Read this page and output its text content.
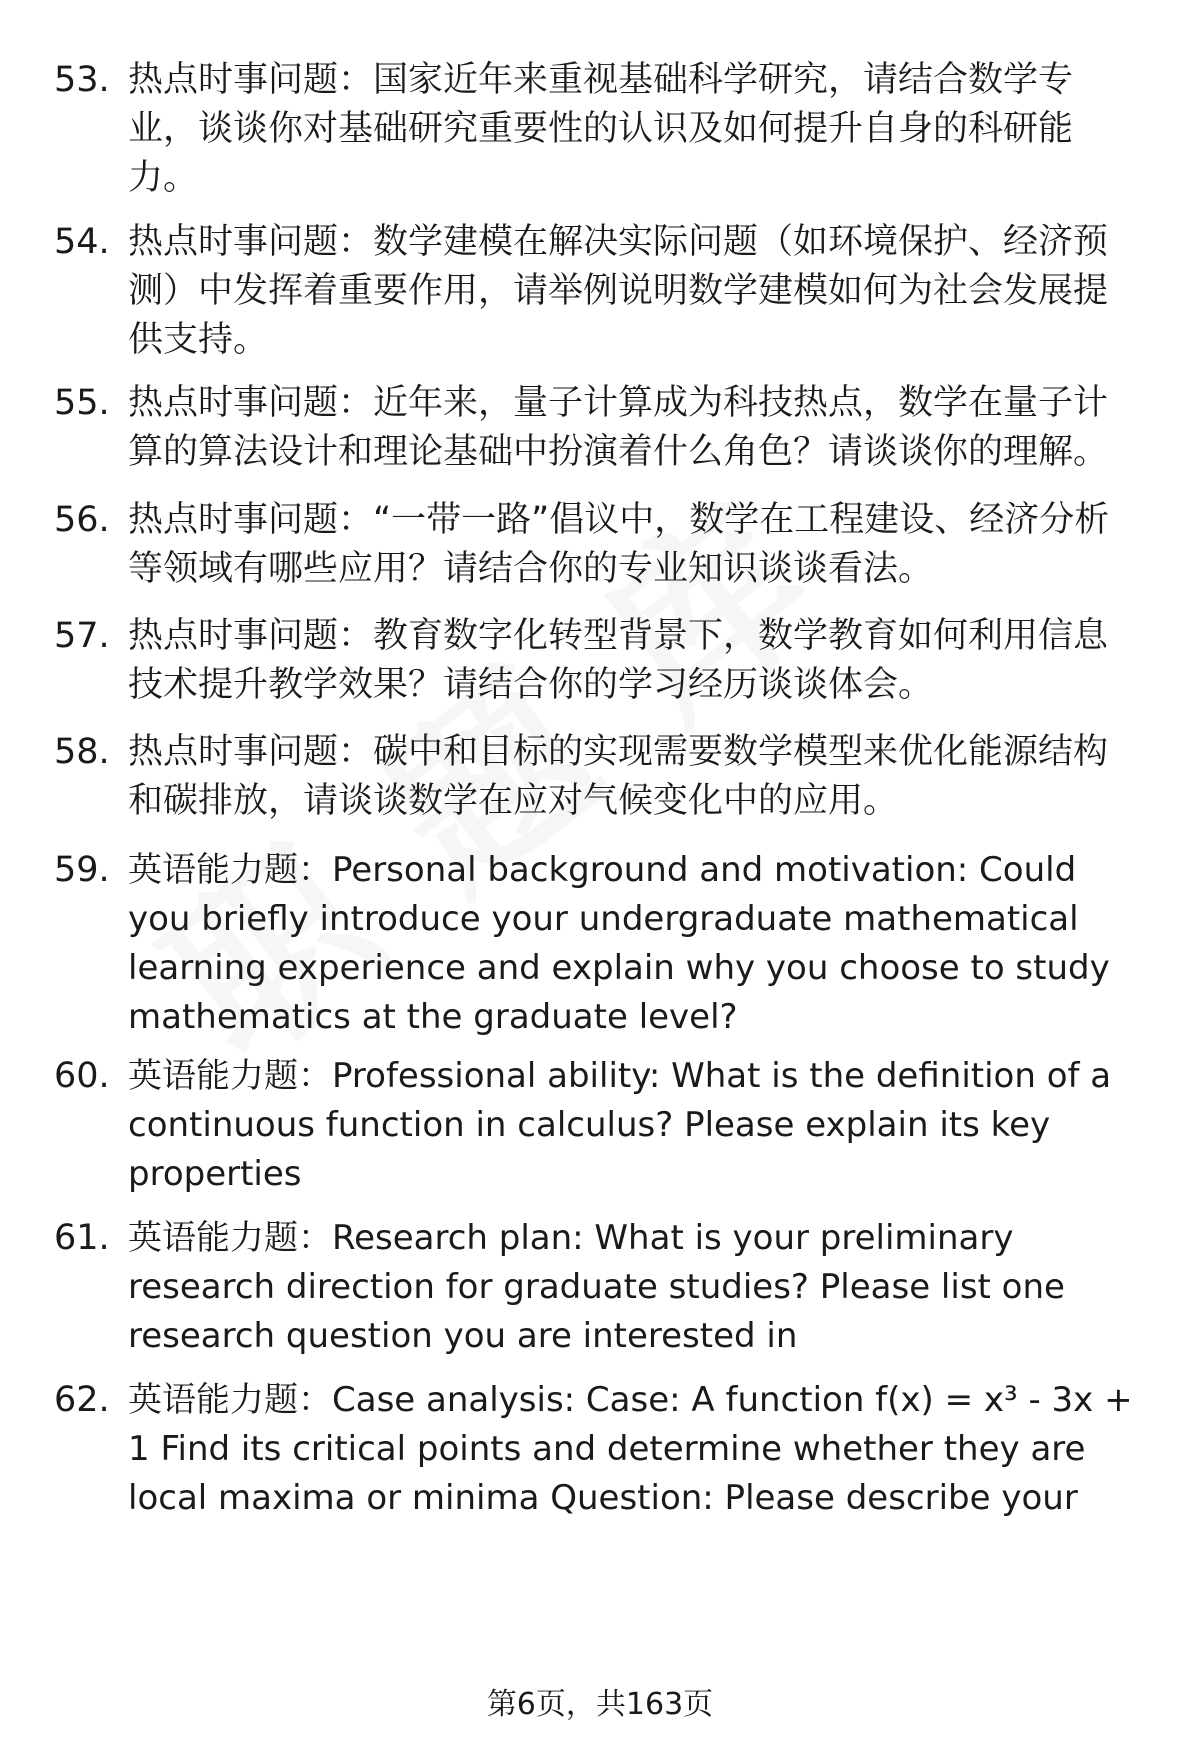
53. 热点时事问题：国家近年来重视基础科学研究，请结合数学专业，谈谈你对基础研究重要性的认识及如何提升自身的科研能力。
54. 热点时事问题：数学建模在解决实际问题（如环境保护、经济预测）中发挥着重要作用，请举例说明数学建模如何为社会发展提供支持。
55. 热点时事问题：近年来，量子计算成为科技热点，数学在量子计算的算法设计和理论基础中扮演着什么角色？请谈谈你的理解。
56. 热点时事问题：“一带一路”倡议中，数学在工程建设、经济分析等领域有哪些应用？请结合你的专业知识谈谈看法。
57. 热点时事问题：教育数字化转型背景下，数学教育如何利用信息技术提升教学效果？请结合你的学习经历谈谈体会。
58. 热点时事问题：碳中和目标的实现需要数学模型来优化能源结构和碳排放，请谈谈数学在应对气候变化中的应用。
59. 英语能力题：Personal background and motivation: Could you briefly introduce your undergraduate mathematical learning experience and explain why you choose to study mathematics at the graduate level?
60. 英语能力题：Professional ability: What is the definition of a continuous function in calculus? Please explain its key properties
61. 英语能力题：Research plan: What is your preliminary research direction for graduate studies? Please list one research question you are interested in
62. 英语能力题：Case analysis: Case: A function f(x) = x³ - 3x + 1 Find its critical points and determine whether they are local maxima or minima Question: Please describe your
第6页，共163页
